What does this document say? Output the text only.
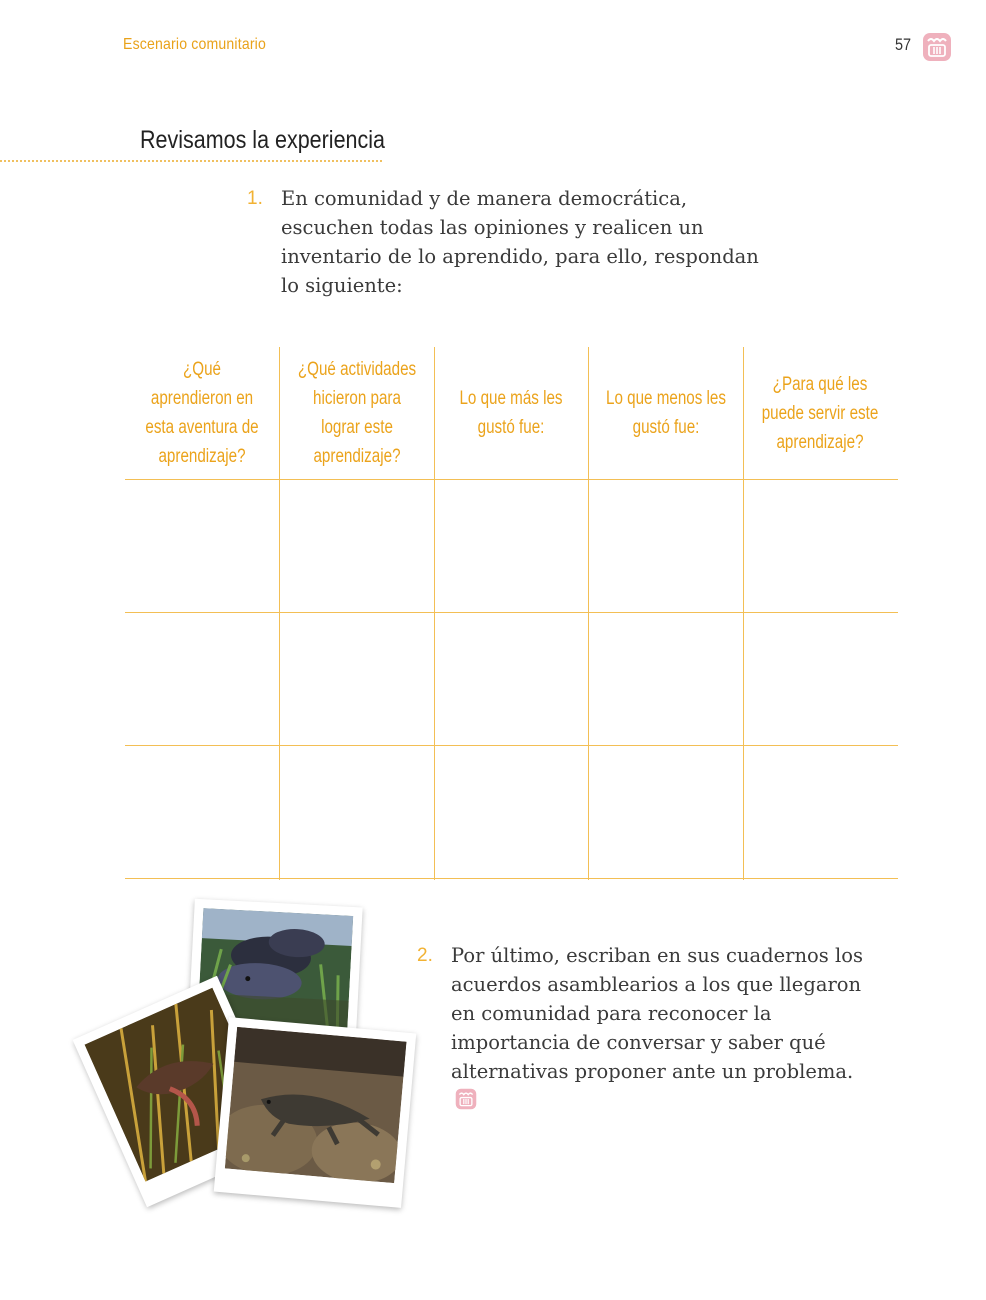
Escenario comunitario	57
Revisamos la experiencia
1. En comunidad y de manera democrática, escuchen todas las opiniones y realicen un inventario de lo aprendido, para ello, respondan lo siguiente:
¿Qué aprendieron en esta aventura de aprendizaje?
¿Qué actividades hicieron para lograr este aprendizaje?
Lo que más les gustó fue:
Lo que menos les gustó fue:
¿Para qué les puede servir este aprendizaje?
2. Por último, escriban en sus cuadernos los acuerdos asamblearios a los que llegaron en comunidad para reconocer la importancia de conversar y saber qué alternativas proponer ante un problema.
